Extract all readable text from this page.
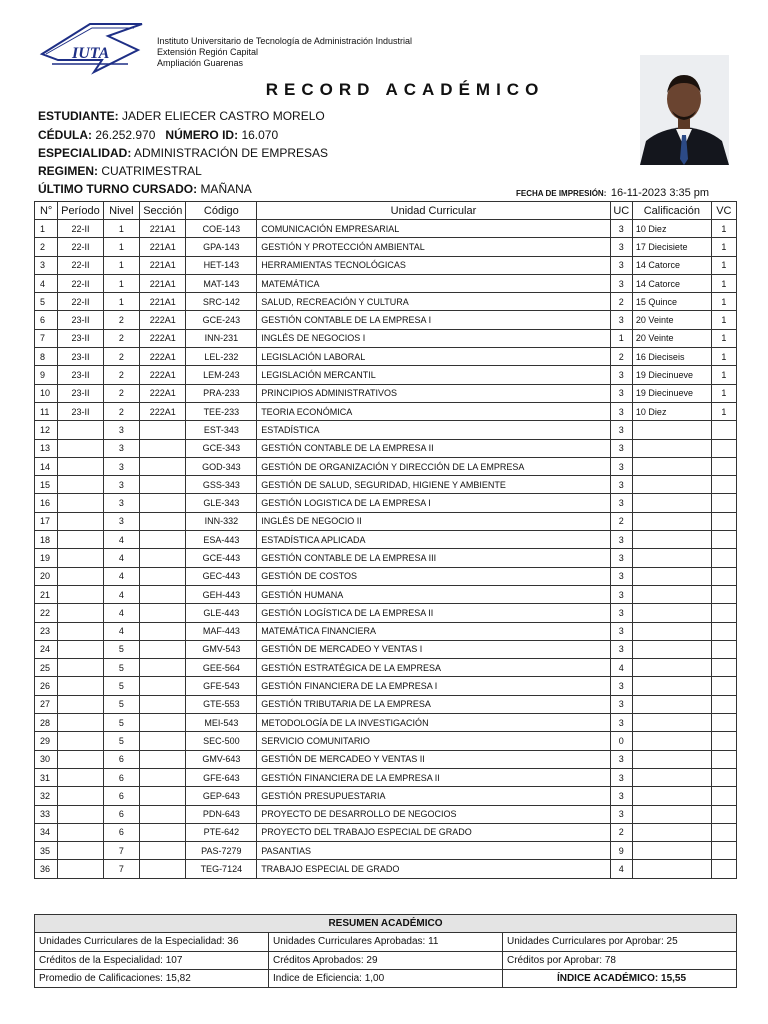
IUTA
Instituto Universitario de Tecnología de Administración Industrial
Extensión Región Capital
Ampliación Guarenas
RECORD ACADÉMICO
ESTUDIANTE: JADER ELIECER CASTRO MORELO
CÉDULA: 26.252.970 NÚMERO ID: 16.070
ESPECIALIDAD: ADMINISTRACIÓN DE EMPRESAS
REGIMEN: CUATRIMESTRAL
ÚLTIMO TURNO CURSADO: MAÑANA	FECHA DE IMPRESIÓN: 16-11-2023 3:35 pm
N°	Período	Nivel	Sección	Código	Unidad Curricular	UC	Calificación	VC
1	22-II	1	221A1	COE-143	COMUNICACIÓN EMPRESARIAL	3	10 Diez	1
2	22-II	1	221A1	GPA-143	GESTIÓN Y PROTECCIÓN AMBIENTAL	3	17 Diecisiete	1
3	22-II	1	221A1	HET-143	HERRAMIENTAS TECNOLÓGICAS	3	14 Catorce	1
4	22-II	1	221A1	MAT-143	MATEMÁTICA	3	14 Catorce	1
5	22-II	1	221A1	SRC-142	SALUD, RECREACIÓN Y CULTURA	2	15 Quince	1
6	23-II	2	222A1	GCE-243	GESTIÓN CONTABLE DE LA EMPRESA I	3	20 Veinte	1
7	23-II	2	222A1	INN-231	INGLÉS DE NEGOCIOS I	1	20 Veinte	1
8	23-II	2	222A1	LEL-232	LEGISLACIÓN LABORAL	2	16 Dieciseis	1
9	23-II	2	222A1	LEM-243	LEGISLACIÓN MERCANTIL	3	19 Diecinueve	1
10	23-II	2	222A1	PRA-233	PRINCIPIOS ADMINISTRATIVOS	3	19 Diecinueve	1
11	23-II	2	222A1	TEE-233	TEORIA ECONÓMICA	3	10 Diez	1
12		3		EST-343	ESTADÍSTICA	3		
13		3		GCE-343	GESTIÓN CONTABLE DE LA EMPRESA II	3		
14		3		GOD-343	GESTIÓN DE ORGANIZACIÓN Y DIRECCIÓN DE LA EMPRESA	3		
15		3		GSS-343	GESTIÓN DE SALUD, SEGURIDAD, HIGIENE Y AMBIENTE	3		
16		3		GLE-343	GESTIÓN LOGISTICA DE LA EMPRESA I	3		
17		3		INN-332	INGLÉS DE NEGOCIO II	2		
18		4		ESA-443	ESTADÍSTICA APLICADA	3		
19		4		GCE-443	GESTIÓN CONTABLE DE LA EMPRESA III	3		
20		4		GEC-443	GESTIÓN DE COSTOS	3		
21		4		GEH-443	GESTIÓN HUMANA	3		
22		4		GLE-443	GESTIÓN LOGÍSTICA DE LA EMPRESA II	3		
23		4		MAF-443	MATEMÁTICA FINANCIERA	3		
24		5		GMV-543	GESTIÓN DE MERCADEO Y VENTAS I	3		
25		5		GEE-564	GESTIÓN ESTRATÉGICA DE LA EMPRESA	4		
26		5		GFE-543	GESTIÓN FINANCIERA DE LA EMPRESA I	3		
27		5		GTE-553	GESTIÓN TRIBUTARIA DE LA EMPRESA	3		
28		5		MEI-543	METODOLOGÍA DE LA INVESTIGACIÓN	3		
29		5		SEC-500	SERVICIO COMUNITARIO	0		
30		6		GMV-643	GESTIÓN DE MERCADEO Y VENTAS II	3		
31		6		GFE-643	GESTIÓN FINANCIERA DE LA EMPRESA II	3		
32		6		GEP-643	GESTIÓN PRESUPUESTARIA	3		
33		6		PDN-643	PROYECTO DE DESARROLLO DE NEGOCIOS	3		
34		6		PTE-642	PROYECTO DEL TRABAJO ESPECIAL DE GRADO	2		
35		7		PAS-7279	PASANTIAS	9		
36		7		TEG-7124	TRABAJO ESPECIAL DE GRADO	4		
RESUMEN ACADÉMICO		
Unidades Curriculares de la Especialidad: 36	Unidades Curriculares Aprobadas: 11	Unidades Curriculares por Aprobar: 25
Créditos de la Especialidad: 107	Créditos Aprobados: 29	Créditos por Aprobar: 78
Promedio de Calificaciones: 15,82	Indice de Eficiencia: 1,00	ÍNDICE ACADÉMICO: 15,55
